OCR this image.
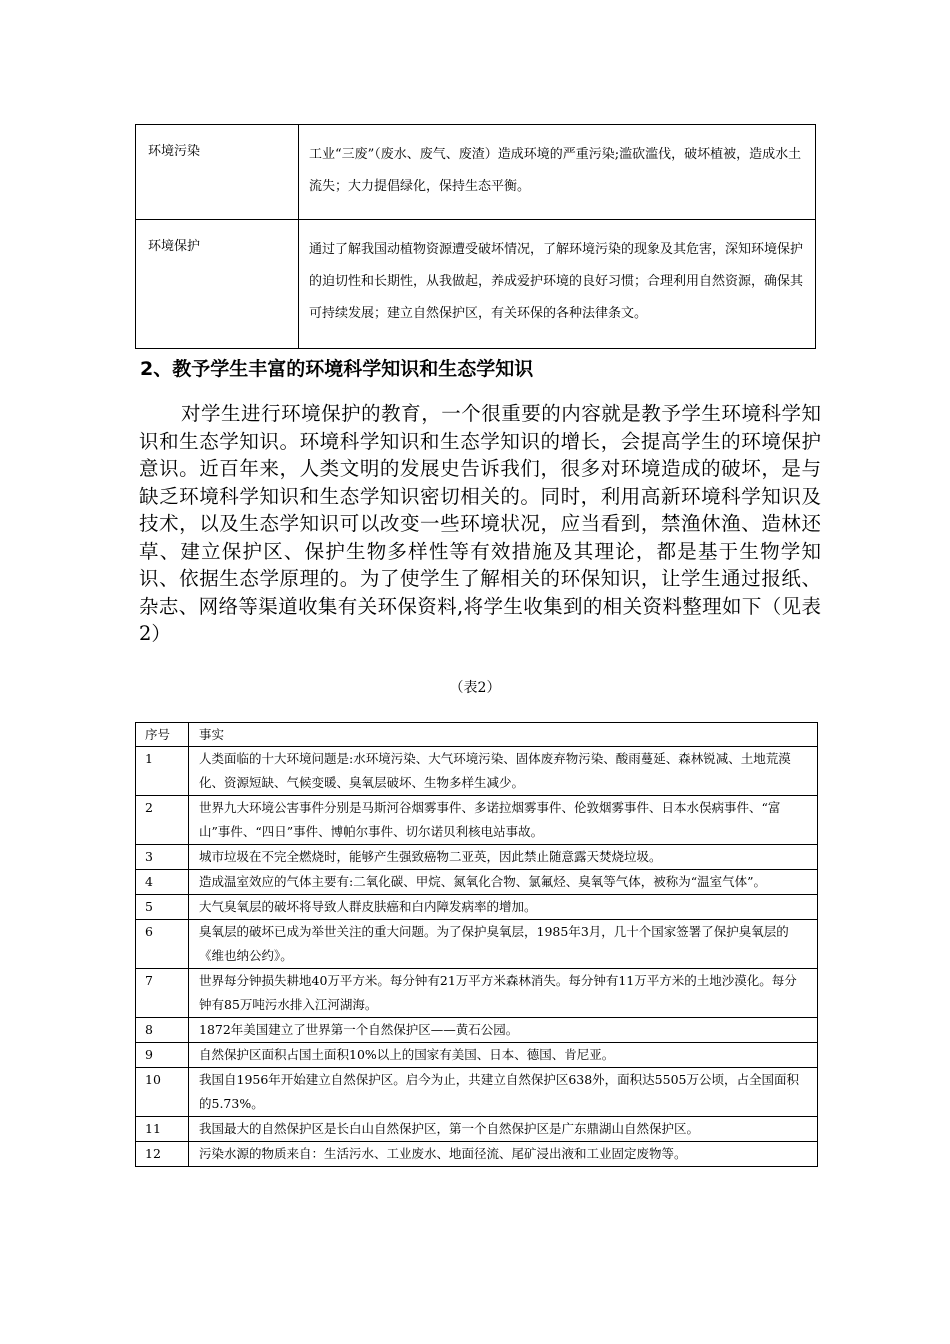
环境污染	工业“三废”（废水、废气、废渣）造成环境的严重污染;滥砍滥伐，破坏植被，造成水土流失；大力提倡绿化，保持生态平衡。
环境保护	通过了解我国动植物资源遭受破坏情况，了解环境污染的现象及其危害，深知环境保护的迫切性和长期性，从我做起，养成爱护环境的良好习惯；合理利用自然资源，确保其可持续发展；建立自然保护区，有关环保的各种法律条文。
2、教予学生丰富的环境科学知识和生态学知识
对学生进行环境保护的教育，一个很重要的内容就是教予学生环境科学知识和生态学知识。环境科学知识和生态学知识的增长，会提高学生的环境保护意识。近百年来，人类文明的发展史告诉我们，很多对环境造成的破坏，是与缺乏环境科学知识和生态学知识密切相关的。同时，利用高新环境科学知识及技术，以及生态学知识可以改变一些环境状况，应当看到，禁渔休渔、造林还草、建立保护区、保护生物多样性等有效措施及其理论，都是基于生物学知识、依据生态学原理的。为了使学生了解相关的环保知识，让学生通过报纸、杂志、网络等渠道收集有关环保资料,将学生收集到的相关资料整理如下（见表2）
（表2）
序号	事实
1	人类面临的十大环境问题是:水环境污染、大气环境污染、固体废弃物污染、酸雨蔓延、森林锐减、土地荒漠化、资源短缺、气候变暖、臭氧层破坏、生物多样生减少。
2	世界九大环境公害事件分别是马斯河谷烟雾事件、多诺拉烟雾事件、伦敦烟雾事件、日本水俣病事件、“富山”事件、“四日”事件、博帕尔事件、切尔诺贝利核电站事故。
3	城市垃圾在不完全燃烧时，能够产生强致癌物二亚英，因此禁止随意露天焚烧垃圾。
4	造成温室效应的气体主要有:二氧化碳、甲烷、氮氧化合物、氯氟烃、臭氧等气体，被称为“温室气体”。
5	大气臭氧层的破坏将导致人群皮肤癌和白内障发病率的增加。
6	臭氧层的破坏已成为举世关注的重大问题。为了保护臭氧层，1985年3月，几十个国家签署了保护臭氧层的《维也纳公约》。
7	世界每分钟损失耕地40万平方米。每分钟有21万平方米森林消失。每分钟有11万平方米的土地沙漠化。每分钟有85万吨污水排入江河湖海。
8	1872年美国建立了世界第一个自然保护区——黄石公园。
9	自然保护区面积占国土面积10%以上的国家有美国、日本、德国、肯尼亚。
10	我国自1956年开始建立自然保护区。启今为止，共建立自然保护区638外，面积达5505万公顷，占全国面积的5.73%。
11	我国最大的自然保护区是长白山自然保护区，第一个自然保护区是广东鼎湖山自然保护区。
12	污染水源的物质来自：生活污水、工业废水、地面径流、尾矿浸出液和工业固定废物等。
